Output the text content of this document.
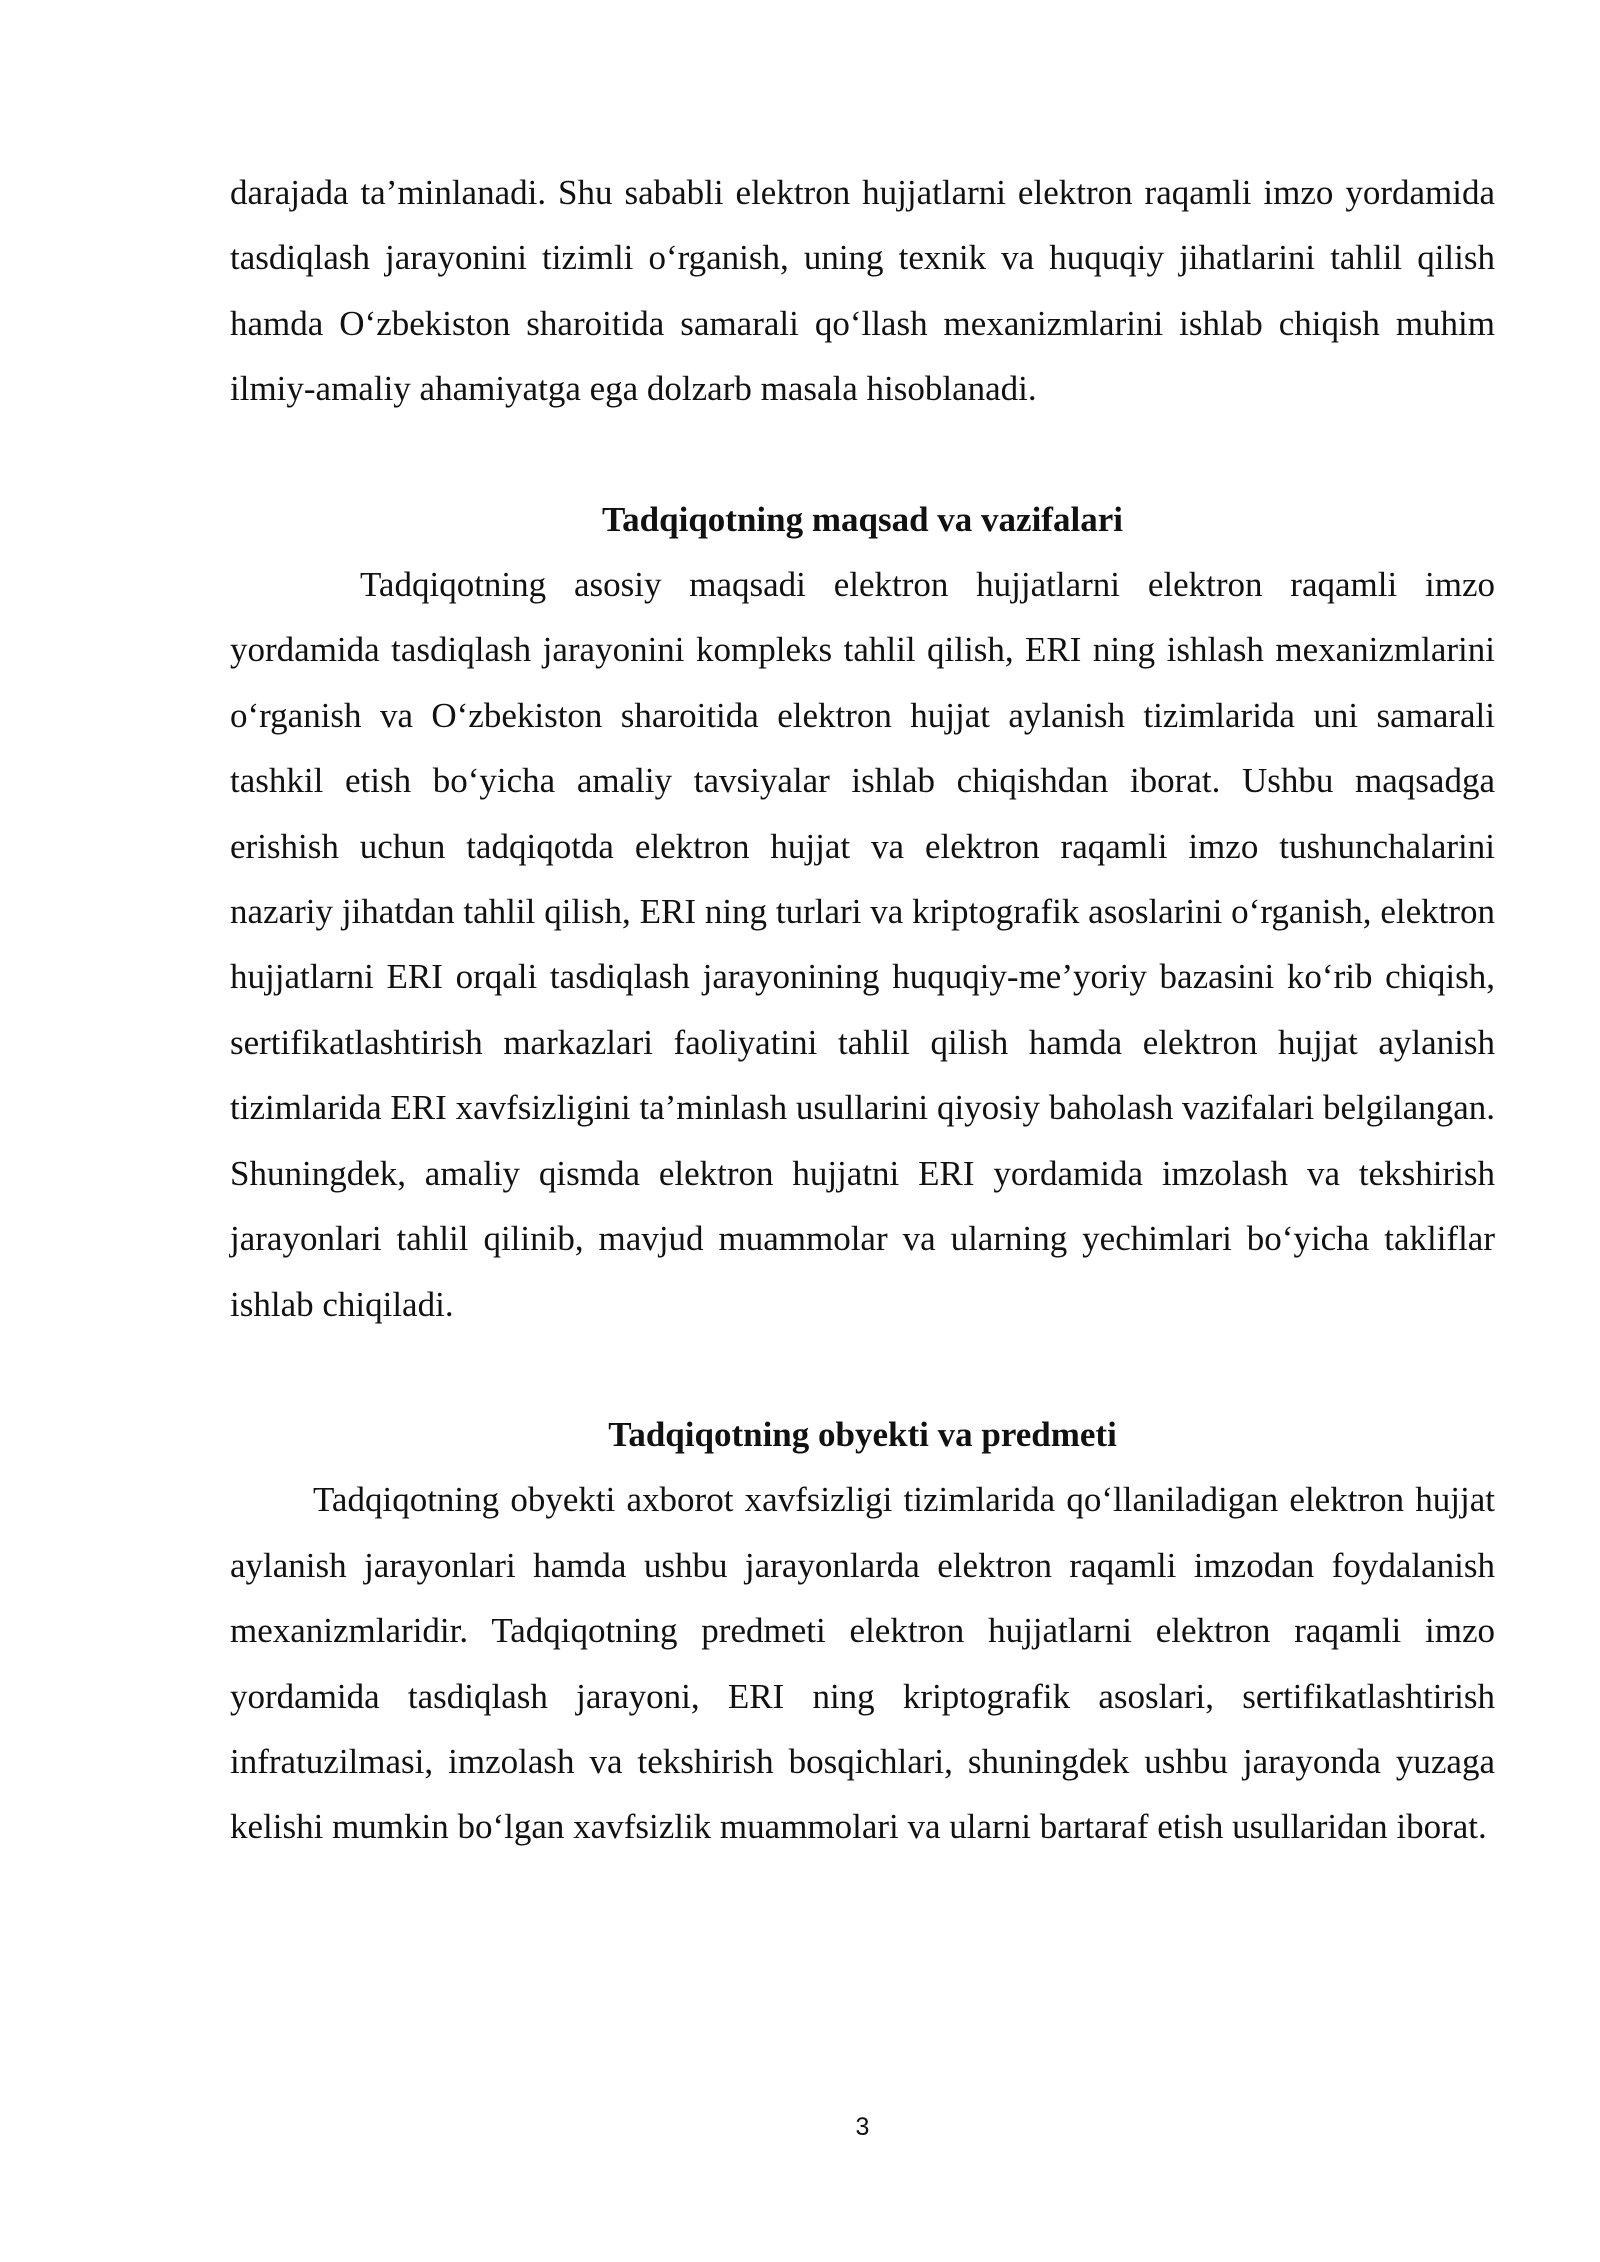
darajada ta’minlanadi. Shu sababli elektron hujjatlarni elektron raqamli imzo yordamida tasdiqlash jarayonini tizimli o‘rganish, uning texnik va huquqiy jihatlarini tahlil qilish hamda O‘zbekiston sharoitida samarali qo‘llash mexanizmlarini ishlab chiqish muhim ilmiy-amaliy ahamiyatga ega dolzarb masala hisoblanadi.

Tadqiqotning maqsad va vazifalari

Tadqiqotning asosiy maqsadi elektron hujjatlarni elektron raqamli imzo yordamida tasdiqlash jarayonini kompleks tahlil qilish, ERI ning ishlash mexanizmlarini o‘rganish va O‘zbekiston sharoitida elektron hujjat aylanish tizimlarida uni samarali tashkil etish bo‘yicha amaliy tavsiyalar ishlab chiqishdan iborat. Ushbu maqsadga erishish uchun tadqiqotda elektron hujjat va elektron raqamli imzo tushunchalarini nazariy jihatdan tahlil qilish, ERI ning turlari va kriptografik asoslarini o‘rganish, elektron hujjatlarni ERI orqali tasdiqlash jarayonining huquqiy-me’yoriy bazasini ko‘rib chiqish, sertifikatlashtirish markazlari faoliyatini tahlil qilish hamda elektron hujjat aylanish tizimlarida ERI xavfsizligini ta’minlash usullarini qiyosiy baholash vazifalari belgilangan. Shuningdek, amaliy qismda elektron hujjatni ERI yordamida imzolash va tekshirish jarayonlari tahlil qilinib, mavjud muammolar va ularning yechimlari bo‘yicha takliflar ishlab chiqiladi.

Tadqiqotning obyekti va predmeti

Tadqiqotning obyekti axborot xavfsizligi tizimlarida qo‘llaniladigan elektron hujjat aylanish jarayonlari hamda ushbu jarayonlarda elektron raqamli imzodan foydalanish mexanizmlaridir. Tadqiqotning predmeti elektron hujjatlarni elektron raqamli imzo yordamida tasdiqlash jarayoni, ERI ning kriptografik asoslari, sertifikatlashtirish infratuzilmasi, imzolash va tekshirish bosqichlari, shuningdek ushbu jarayonda yuzaga kelishi mumkin bo‘lgan xavfsizlik muammolari va ularni bartaraf etish usullaridan iborat.

3
